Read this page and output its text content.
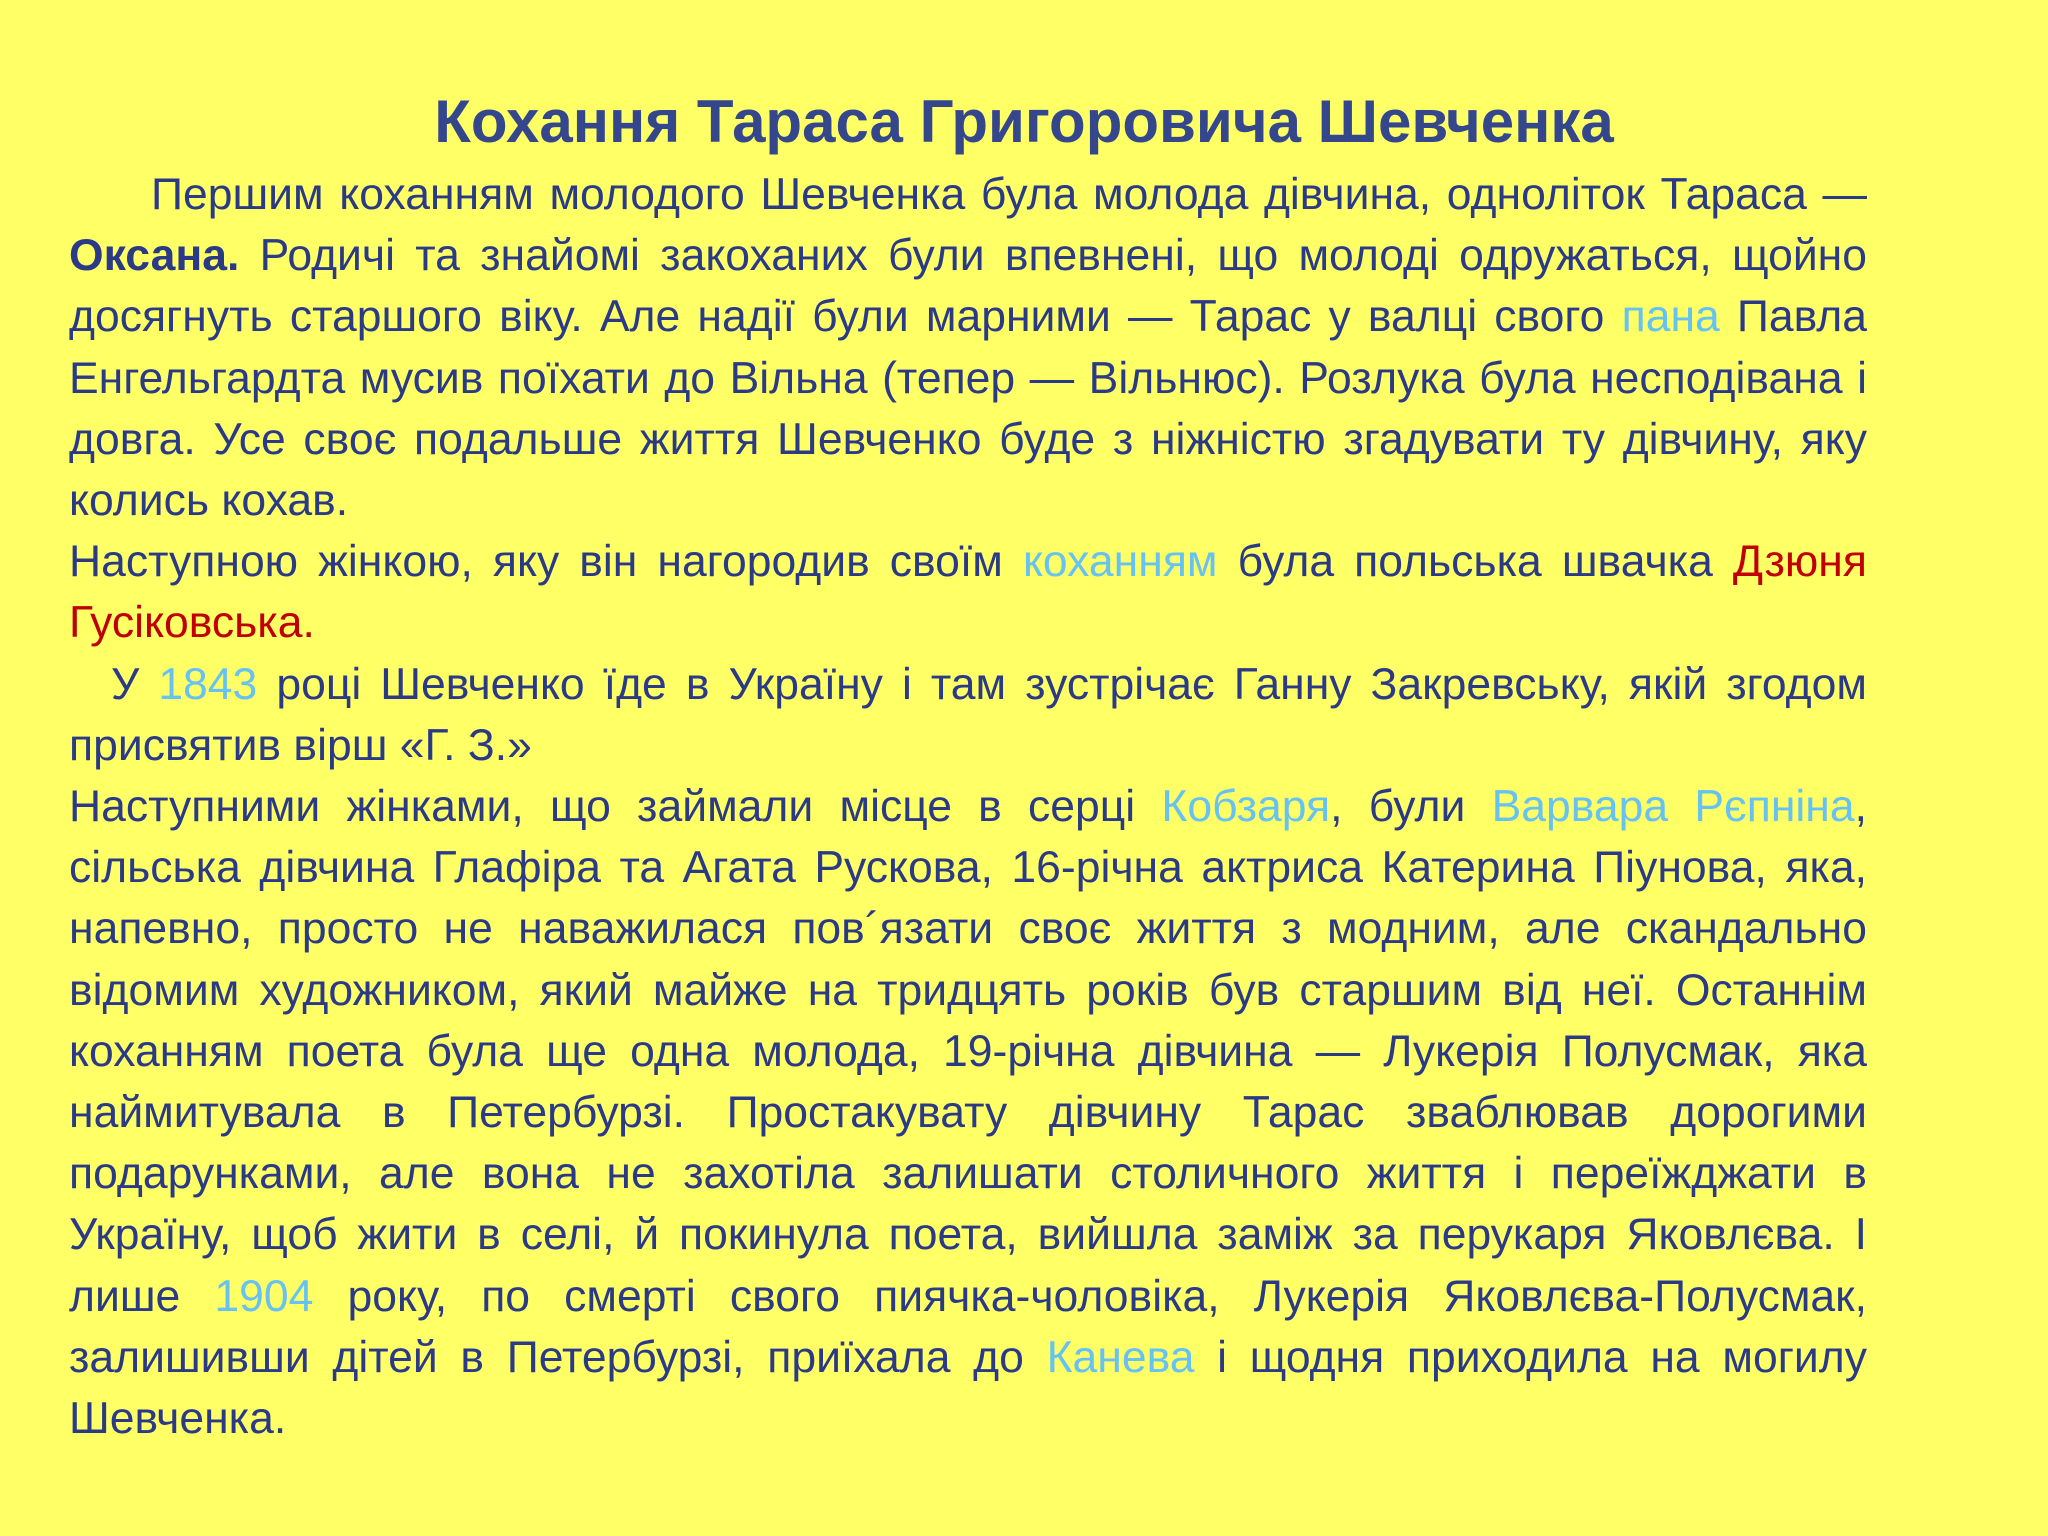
Кохання Тараса Григоровича Шевченка

Першим коханням молодого Шевченка була молода дівчина, одноліток Тараса — Оксана. Родичі та знайомі закоханих були впевнені, що молоді одружаться, щойно досягнуть старшого віку. Але надії були марними — Тарас у валці свого пана Павла Енгельгардта мусив поїхати до Вільна (тепер — Вільнюс). Розлука була несподівана і довга. Усе своє подальше життя Шевченко буде з ніжністю згадувати ту дівчину, яку колись кохав.

Наступною жінкою, яку він нагородив своїм коханням була польська швачка Дзюня Гусіковська.

У 1843 році Шевченко їде в Україну і там зустрічає Ганну Закревську, якій згодом присвятив вірш «Г. З.»

Наступними жінками, що займали місце в серці Кобзаря, були Варвара Рєпніна, сільська дівчина Глафіра та Агата Рускова, 16-річна актриса Катерина Піунова, яка, напевно, просто не наважилася пов´язати своє життя з модним, але скандально відомим художником, який майже на тридцять років був старшим від неї. Останнім коханням поета була ще одна молода, 19-річна дівчина — Лукерія Полусмак, яка наймитувала в Петербурзі. Простакувату дівчину Тарас зваблював дорогими подарунками, але вона не захотіла залишати столичного життя і переїжджати в Україну, щоб жити в селі, й покинула поета, вийшла заміж за перукаря Яковлєва. І лише 1904 року, по смерті свого пиячка-чоловіка, Лукерія Яковлєва-Полусмак, залишивши дітей в Петербурзі, приїхала до Канева і щодня приходила на могилу Шевченка.
